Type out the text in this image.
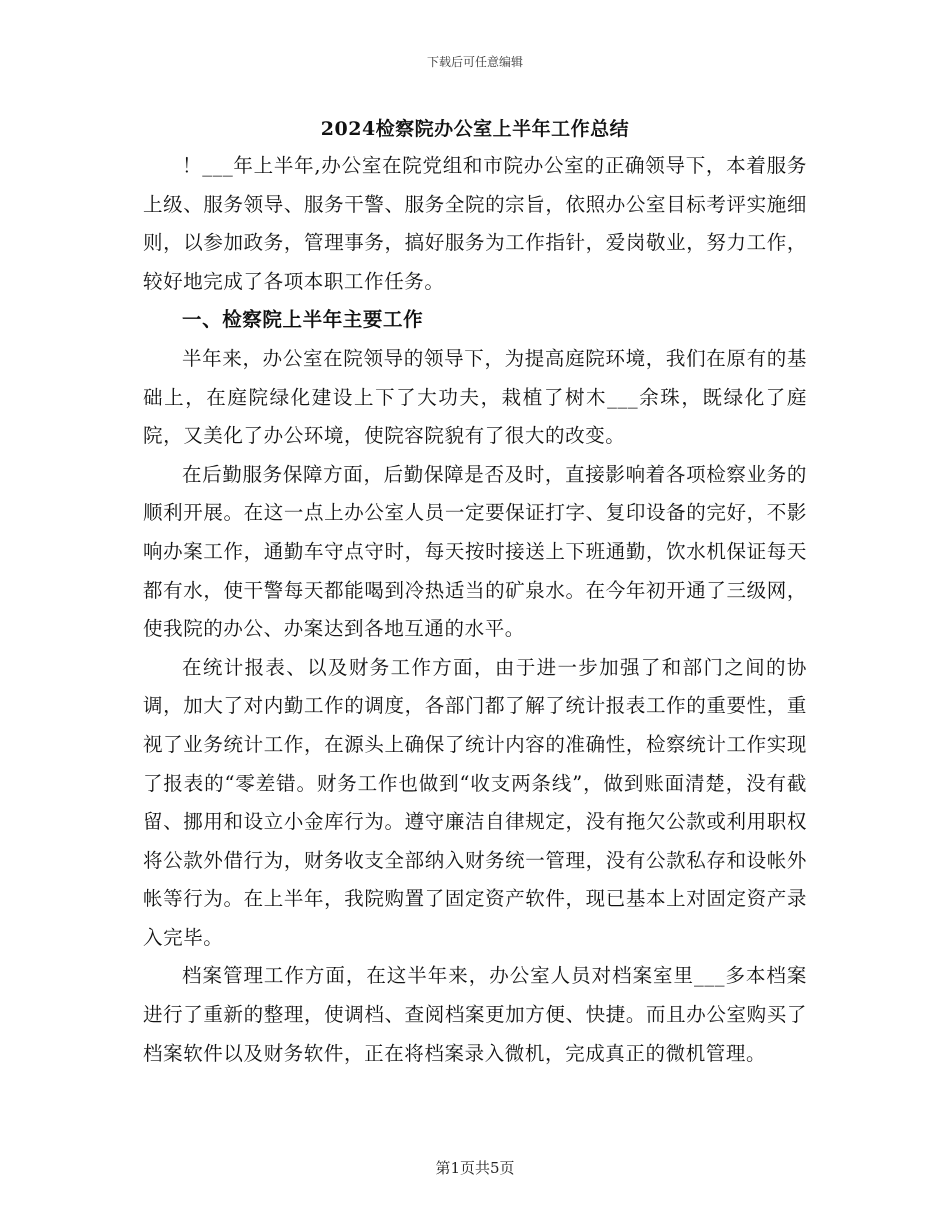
下载后可任意编辑
2024检察院办公室上半年工作总结

！___年上半年,办公室在院党组和市院办公室的正确领导下，本着服务上级、服务领导、服务干警、服务全院的宗旨，依照办公室目标考评实施细则，以参加政务，管理事务，搞好服务为工作指针，爱岗敬业，努力工作，较好地完成了各项本职工作任务。

一、检察院上半年主要工作

半年来，办公室在院领导的领导下，为提高庭院环境，我们在原有的基础上，在庭院绿化建设上下了大功夫，栽植了树木___余珠，既绿化了庭院，又美化了办公环境，使院容院貌有了很大的改变。

在后勤服务保障方面，后勤保障是否及时，直接影响着各项检察业务的顺利开展。在这一点上办公室人员一定要保证打字、复印设备的完好，不影响办案工作，通勤车守点守时，每天按时接送上下班通勤，饮水机保证每天都有水，使干警每天都能喝到冷热适当的矿泉水。在今年初开通了三级网，使我院的办公、办案达到各地互通的水平。

在统计报表、以及财务工作方面，由于进一步加强了和部门之间的协调，加大了对内勤工作的调度，各部门都了解了统计报表工作的重要性，重视了业务统计工作，在源头上确保了统计内容的准确性，检察统计工作实现了报表的“零差错。财务工作也做到“收支两条线”，做到账面清楚，没有截留、挪用和设立小金库行为。遵守廉洁自律规定，没有拖欠公款或利用职权将公款外借行为，财务收支全部纳入财务统一管理，没有公款私存和设帐外帐等行为。在上半年，我院购置了固定资产软件，现已基本上对固定资产录入完毕。

档案管理工作方面，在这半年来，办公室人员对档案室里___多本档案进行了重新的整理，使调档、查阅档案更加方便、快捷。而且办公室购买了档案软件以及财务软件，正在将档案录入微机，完成真正的微机管理。

第1页共5页
